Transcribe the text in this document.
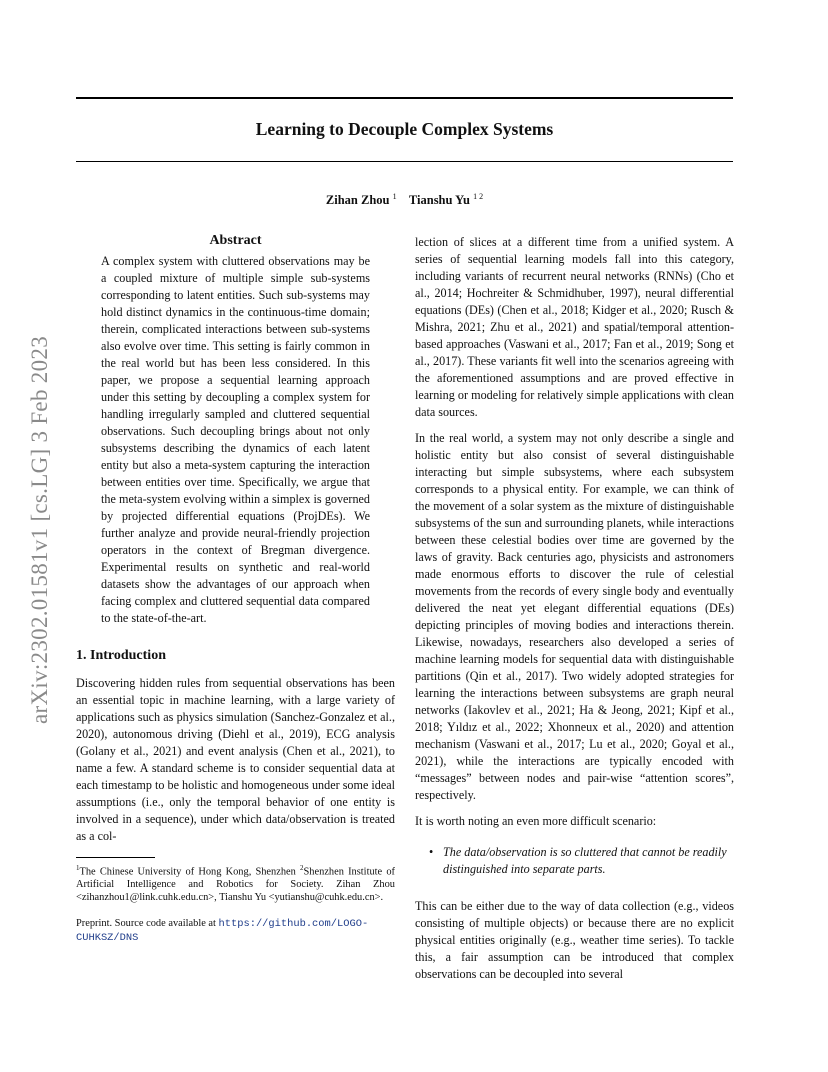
Learning to Decouple Complex Systems
Zihan Zhou $^1$ Tianshu Yu $^{1 2}$
arXiv:2302.01581v1 [cs.LG] 3 Feb 2023
Abstract

A complex system with cluttered observations may be a coupled mixture of multiple simple sub-systems corresponding to latent entities. Such sub-systems may hold distinct dynamics in the continuous-time domain; therein, complicated interactions between sub-systems also evolve over time. This setting is fairly common in the real world but has been less considered. In this paper, we propose a sequential learning approach under this setting by decoupling a complex system for handling irregularly sampled and cluttered sequential observations. Such decoupling brings about not only subsystems describing the dynamics of each latent entity but also a meta-system capturing the interaction between entities over time. Specifically, we argue that the meta-system evolving within a simplex is governed by projected differential equations (ProjDEs). We further analyze and provide neural-friendly projection operators in the context of Bregman divergence. Experimental results on synthetic and real-world datasets show the advantages of our approach when facing complex and cluttered sequential data compared to the state-of-the-art.

1. Introduction

Discovering hidden rules from sequential observations has been an essential topic in machine learning, with a large variety of applications such as physics simulation (Sanchez-Gonzalez et al., 2020), autonomous driving (Diehl et al., 2019), ECG analysis (Golany et al., 2021) and event analysis (Chen et al., 2021), to name a few. A standard scheme is to consider sequential data at each timestamp to be holistic and homogeneous under some ideal assumptions (i.e., only the temporal behavior of one entity is involved in a sequence), under which data/observation is treated as a col-

$^1$The Chinese University of Hong Kong, Shenzhen $^2$Shenzhen Institute of Artificial Intelligence and Robotics for Society. Zihan Zhou <zihanzhou1@link.cuhk.edu.cn>, Tianshu Yu <yutianshu@cuhk.edu.cn>.
Preprint. Source code available at https://github.com/LOGO-CUHKSZ/DNS

lection of slices at a different time from a unified system. A series of sequential learning models fall into this category, including variants of recurrent neural networks (RNNs) (Cho et al., 2014; Hochreiter & Schmidhuber, 1997), neural differential equations (DEs) (Chen et al., 2018; Kidger et al., 2020; Rusch & Mishra, 2021; Zhu et al., 2021) and spatial/temporal attention-based approaches (Vaswani et al., 2017; Fan et al., 2019; Song et al., 2017). These variants fit well into the scenarios agreeing with the aforementioned assumptions and are proved effective in learning or modeling for relatively simple applications with clean data sources.

In the real world, a system may not only describe a single and holistic entity but also consist of several distinguishable interacting but simple subsystems, where each subsystem corresponds to a physical entity. For example, we can think of the movement of a solar system as the mixture of distinguishable subsystems of the sun and surrounding planets, while interactions between these celestial bodies over time are governed by the laws of gravity. Back centuries ago, physicists and astronomers made enormous efforts to discover the rule of celestial movements from the records of every single body and eventually delivered the neat yet elegant differential equations (DEs) depicting principles of moving bodies and interactions therein. Likewise, nowadays, researchers also developed a series of machine learning models for sequential data with distinguishable partitions (Qin et al., 2017). Two widely adopted strategies for learning the interactions between subsystems are graph neural networks (Iakovlev et al., 2021; Ha & Jeong, 2021; Kipf et al., 2018; Yıldız et al., 2022; Xhonneux et al., 2020) and attention mechanism (Vaswani et al., 2017; Lu et al., 2020; Goyal et al., 2021), while the interactions are typically encoded with “messages” between nodes and pair-wise “attention scores”, respectively.

It is worth noting an even more difficult scenario:

• The data/observation is so cluttered that cannot be readily distinguished into separate parts.

This can be either due to the way of data collection (e.g., videos consisting of multiple objects) or because there are no explicit physical entities originally (e.g., weather time series). To tackle this, a fair assumption can be introduced that complex observations can be decoupled into several
